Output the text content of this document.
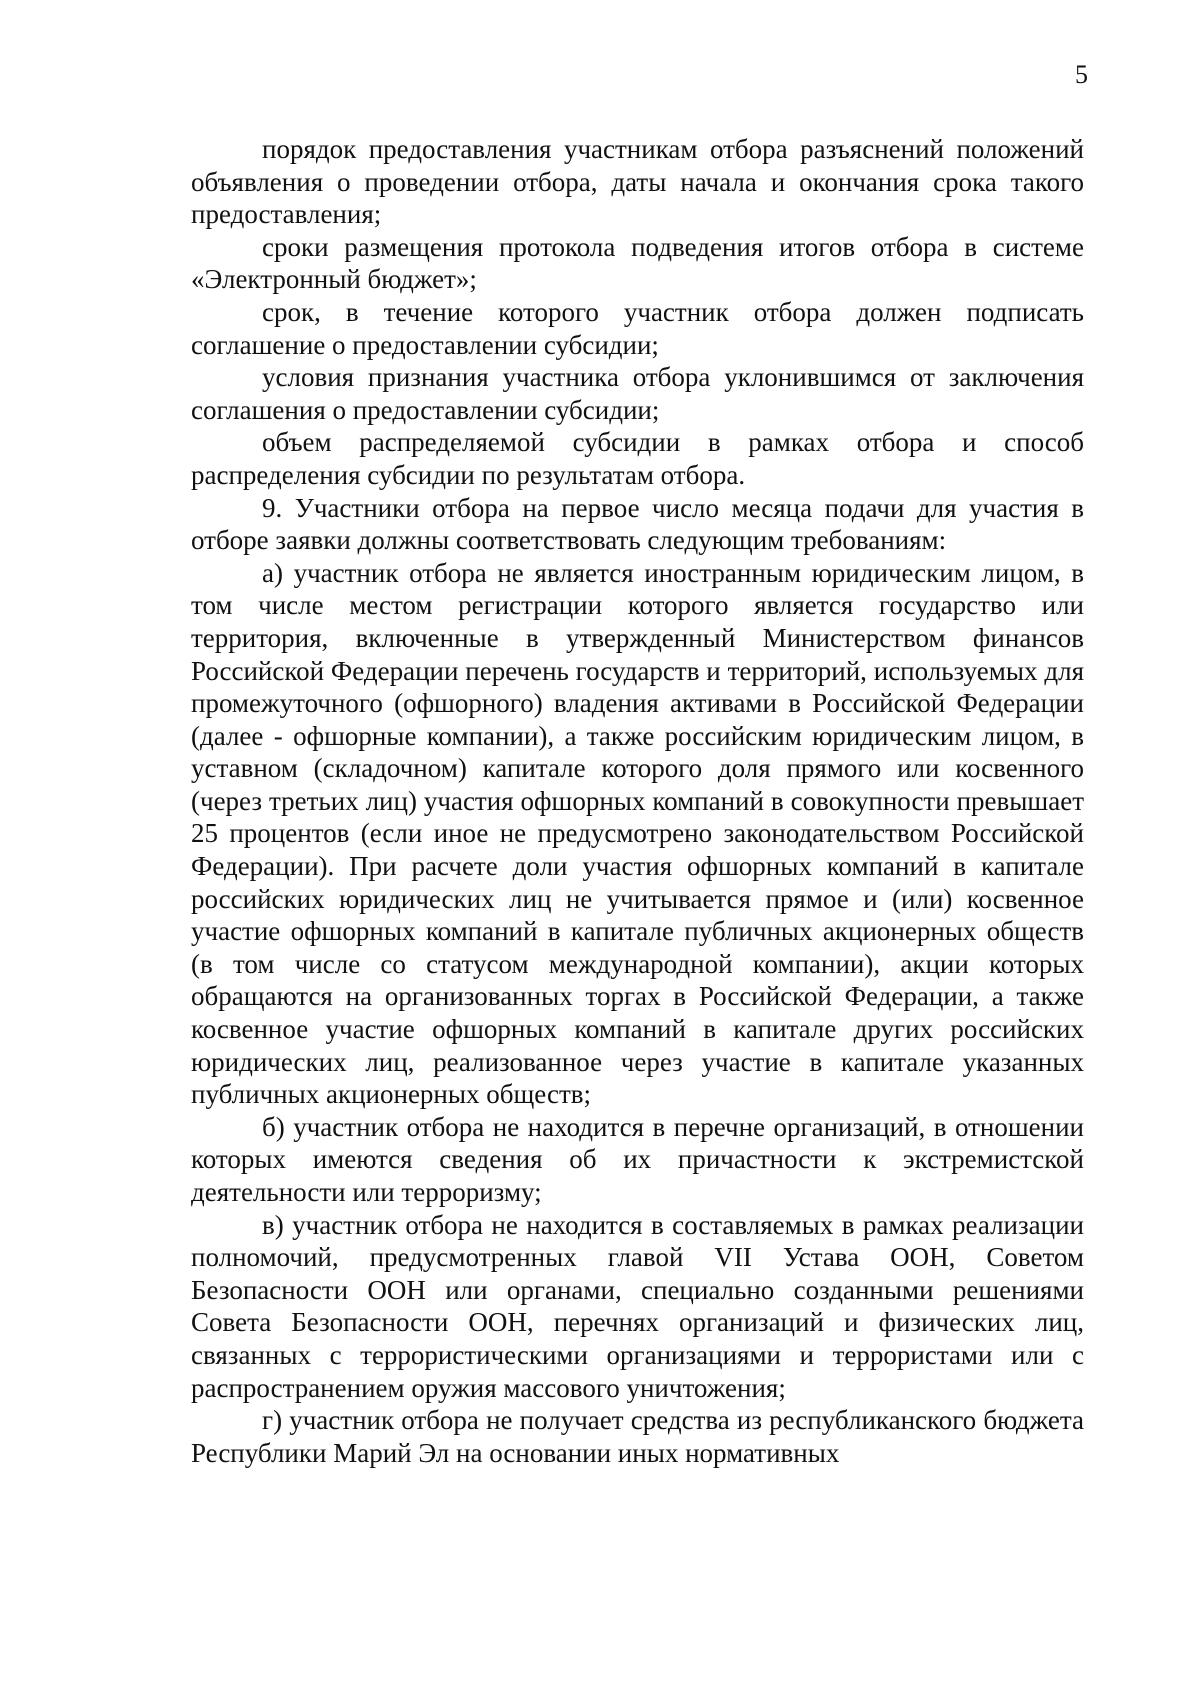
5

порядок предоставления участникам отбора разъяснений положений объявления о проведении отбора, даты начала и окончания срока такого предоставления;

сроки размещения протокола подведения итогов отбора в системе «Электронный бюджет»;

срок, в течение которого участник отбора должен подписать соглашение о предоставлении субсидии;

условия признания участника отбора уклонившимся от заключения соглашения о предоставлении субсидии;

объем распределяемой субсидии в рамках отбора и способ распределения субсидии по результатам отбора.

9. Участники отбора на первое число месяца подачи для участия в отборе заявки должны соответствовать следующим требованиям:

а) участник отбора не является иностранным юридическим лицом, в том числе местом регистрации которого является государство или территория, включенные в утвержденный Министерством финансов Российской Федерации перечень государств и территорий, используемых для промежуточного (офшорного) владения активами в Российской Федерации (далее - офшорные компании), а также российским юридическим лицом, в уставном (складочном) капитале которого доля прямого или косвенного (через третьих лиц) участия офшорных компаний в совокупности превышает 25 процентов (если иное не предусмотрено законодательством Российской Федерации). При расчете доли участия офшорных компаний в капитале российских юридических лиц не учитывается прямое и (или) косвенное участие офшорных компаний в капитале публичных акционерных обществ (в том числе со статусом международной компании), акции которых обращаются на организованных торгах в Российской Федерации, а также косвенное участие офшорных компаний в капитале других российских юридических лиц, реализованное через участие в капитале указанных публичных акционерных обществ;

б) участник отбора не находится в перечне организаций, в отношении которых имеются сведения об их причастности к экстремистской деятельности или терроризму;

в) участник отбора не находится в составляемых в рамках реализации полномочий, предусмотренных главой VII Устава ООН, Советом Безопасности ООН или органами, специально созданными решениями Совета Безопасности ООН, перечнях организаций и физических лиц, связанных с террористическими организациями и террористами или с распространением оружия массового уничтожения;

г) участник отбора не получает средства из республиканского бюджета Республики Марий Эл на основании иных нормативных
